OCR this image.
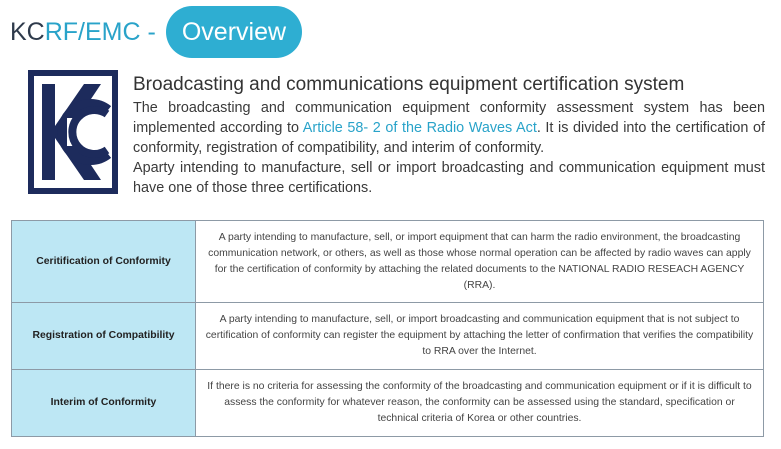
KC RF/EMC -	Overview
Broadcasting and communications equipment certification system

The broadcasting and communication equipment conformity assessment system has been implemented according to Article 58- 2 of the Radio Waves Act. It is divided into the certification of conformity, registration of compatibility, and interim of conformity.

Aparty intending to manufacture, sell or import broadcasting and communication equipment must have one of those three certifications.

Ceritification of Conformity	A party intending to manufacture, sell, or import equipment that can harm the radio environment, the broadcasting communication network, or others, as well as those whose normal operation can be affected by radio waves can apply for the certification of conformity by attaching the related documents to the NATIONAL RADIO RESEACH AGENCY (RRA).
Registration of Compatibility	A party intending to manufacture, sell, or import broadcasting and communication equipment that is not subject to certification of conformity can register the equipment by attaching the letter of confirmation that verifies the compatibility to RRA over the Internet.
Interim of Conformity	If there is no criteria for assessing the conformity of the broadcasting and communication equipment or if it is difficult to assess the conformity for whatever reason, the conformity can be assessed using the standard, specification or technical criteria of Korea or other countries.
